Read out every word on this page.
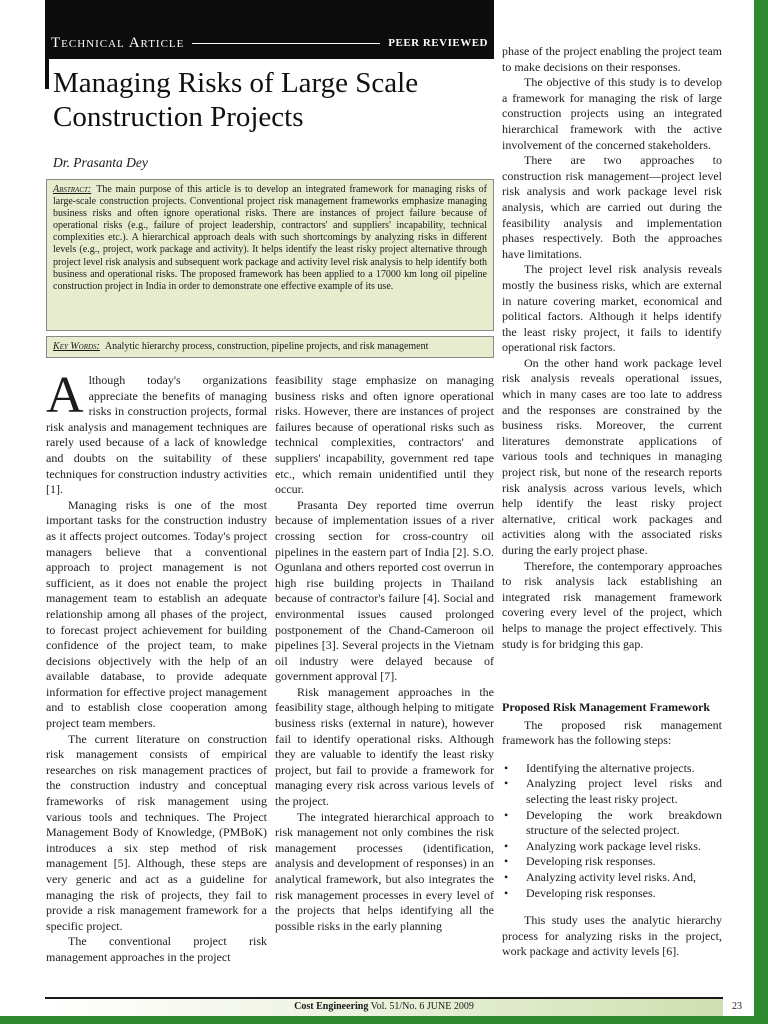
Technical Article	PEER REVIEWED
Managing Risks of Large Scale Construction Projects
Dr. Prasanta Dey
Abstract: The main purpose of this article is to develop an integrated framework for managing risks of large-scale construction projects. Conventional project risk management frameworks emphasize managing business risks and often ignore operational risks. There are instances of project failure because of operational risks (e.g., failure of project leadership, contractors' and suppliers' incapability, technical complexities etc.). A hierarchical approach deals with such shortcomings by analyzing risks in different levels (e.g., project, work package and activity). It helps identify the least risky project alternative through project level risk analysis and subsequent work package and activity level risk analysis to help identify both business and operational risks. The proposed framework has been applied to a 17000 km long oil pipeline construction project in India in order to demonstrate one effective example of its use.
Key Words: Analytic hierarchy process, construction, pipeline projects, and risk management

Although today's organizations appreciate the benefits of managing risks in construction projects, formal risk analysis and management techniques are rarely used because of a lack of knowledge and doubts on the suitability of these techniques for construction industry activities [1].

Managing risks is one of the most important tasks for the construction industry as it affects project outcomes. Today's project managers believe that a conventional approach to project management is not sufficient, as it does not enable the project management team to establish an adequate relationship among all phases of the project, to forecast project achievement for building confidence of the project team, to make decisions objectively with the help of an available database, to provide adequate information for effective project management and to establish close cooperation among project team members.

The current literature on construction risk management consists of empirical researches on risk management practices of the construction industry and conceptual frameworks of risk management using various tools and techniques. The Project Management Body of Knowledge, (PMBoK) introduces a six step method of risk management [5]. Although, these steps are very generic and act as a guideline for managing the risk of projects, they fail to provide a risk management framework for a specific project.

The conventional project risk management approaches in the project

feasibility stage emphasize on managing business risks and often ignore operational risks. However, there are instances of project failures because of operational risks such as technical complexities, contractors' and suppliers' incapability, government red tape etc., which remain unidentified until they occur.

Prasanta Dey reported time overrun because of implementation issues of a river crossing section for cross-country oil pipelines in the eastern part of India [2]. S.O. Ogunlana and others reported cost overrun in high rise building projects in Thailand because of contractor's failure [4]. Social and environmental issues caused prolonged postponement of the Chand-Cameroon oil pipelines [3]. Several projects in the Vietnam oil industry were delayed because of government approval [7].

Risk management approaches in the feasibility stage, although helping to mitigate business risks (external in nature), however fail to identify operational risks. Although they are valuable to identify the least risky project, but fail to provide a framework for managing every risk across various levels of the project.

The integrated hierarchical approach to risk management not only combines the risk management processes (identification, analysis and development of responses) in an analytical framework, but also integrates the risk management processes in every level of the projects that helps identifying all the possible risks in the early planning

phase of the project enabling the project team to make decisions on their responses.

The objective of this study is to develop a framework for managing the risk of large construction projects using an integrated hierarchical framework with the active involvement of the concerned stakeholders.

There are two approaches to construction risk management—project level risk analysis and work package level risk analysis, which are carried out during the feasibility analysis and implementation phases respectively. Both the approaches have limitations.

The project level risk analysis reveals mostly the business risks, which are external in nature covering market, economical and political factors. Although it helps identify the least risky project, it fails to identify operational risk factors.

On the other hand work package level risk analysis reveals operational issues, which in many cases are too late to address and the responses are constrained by the business risks. Moreover, the current literatures demonstrate applications of various tools and techniques in managing project risk, but none of the research reports risk analysis across various levels, which help identify the least risky project alternative, critical work packages and activities along with the associated risks during the early project phase.

Therefore, the contemporary approaches to risk analysis lack establishing an integrated risk management framework covering every level of the project, which helps to manage the project effectively. This study is for bridging this gap.

Proposed Risk Management Framework

The proposed risk management framework has the following steps:

• Identifying the alternative projects.
• Analyzing project level risks and selecting the least risky project.
• Developing the work breakdown structure of the selected project.
• Analyzing work package level risks.
• Developing risk responses.
• Analyzing activity level risks. And,
• Developing risk responses.

This study uses the analytic hierarchy process for analyzing risks in the project, work package and activity levels [6].

Cost Engineering Vol. 51/No. 6 JUNE 2009	23
